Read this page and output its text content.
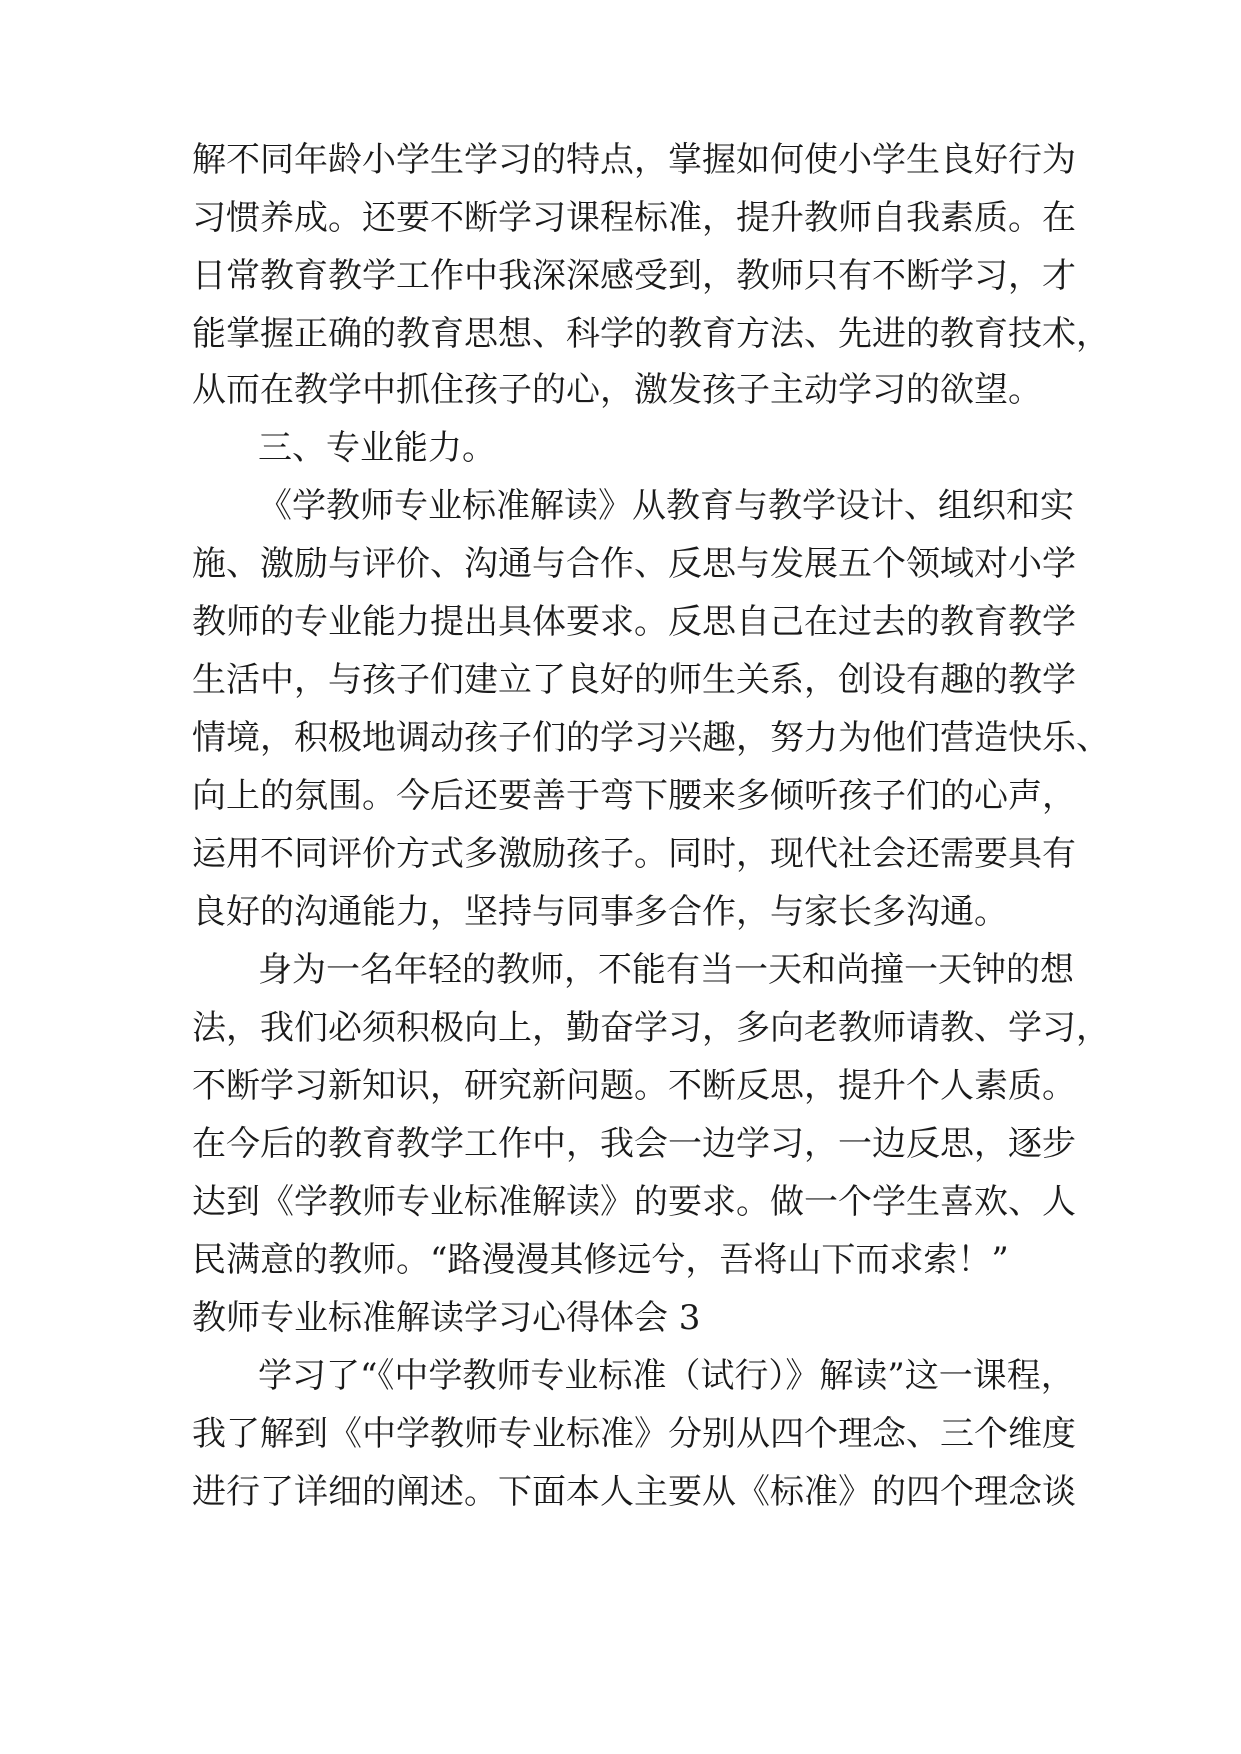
解不同年龄小学生学习的特点，掌握如何使小学生良好行为
习惯养成。还要不断学习课程标准，提升教师自我素质。在
日常教育教学工作中我深深感受到，教师只有不断学习，才
能掌握正确的教育思想、科学的教育方法、先进的教育技术，
从而在教学中抓住孩子的心，激发孩子主动学习的欲望。
三、专业能力。
《学教师专业标准解读》从教育与教学设计、组织和实
施、激励与评价、沟通与合作、反思与发展五个领域对小学
教师的专业能力提出具体要求。反思自己在过去的教育教学
生活中，与孩子们建立了良好的师生关系，创设有趣的教学
情境，积极地调动孩子们的学习兴趣，努力为他们营造快乐、
向上的氛围。今后还要善于弯下腰来多倾听孩子们的心声，
运用不同评价方式多激励孩子。同时，现代社会还需要具有
良好的沟通能力，坚持与同事多合作，与家长多沟通。
身为一名年轻的教师，不能有当一天和尚撞一天钟的想
法，我们必须积极向上，勤奋学习，多向老教师请教、学习，
不断学习新知识，研究新问题。不断反思，提升个人素质。
在今后的教育教学工作中，我会一边学习，一边反思，逐步
达到《学教师专业标准解读》的要求。做一个学生喜欢、人
民满意的教师。“路漫漫其修远兮，吾将山下而求索！”
教师专业标准解读学习心得体会 3
学习了“《中学教师专业标准（试行）》解读”这一课程，
我了解到《中学教师专业标准》分别从四个理念、三个维度
进行了详细的阐述。下面本人主要从《标准》的四个理念谈
